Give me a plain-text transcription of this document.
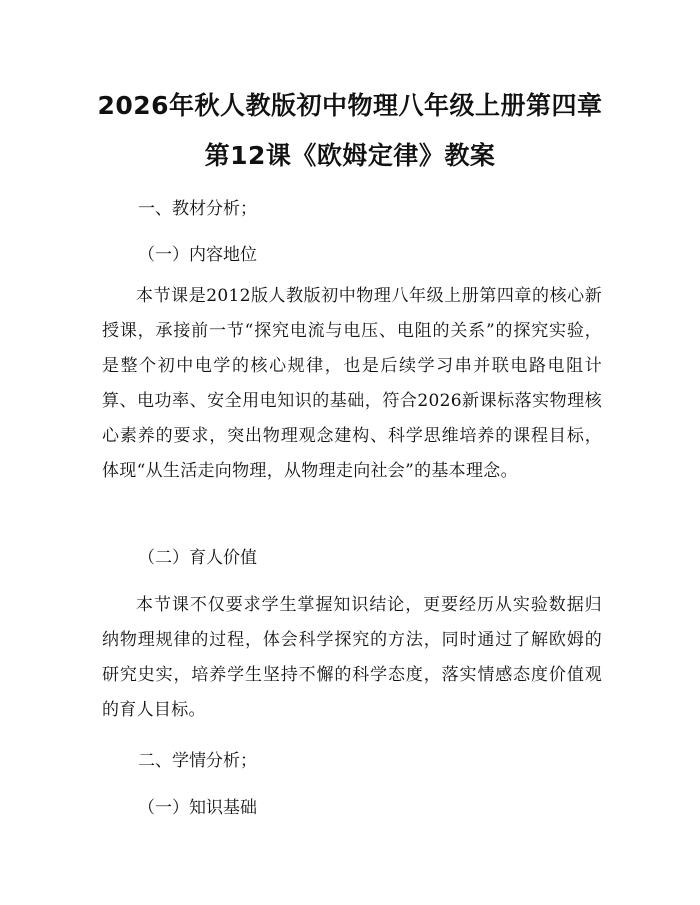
2026年秋人教版初中物理八年级上册第四章
第12课《欧姆定律》教案

一、教材分析；

（一）内容地位

本节课是2012版人教版初中物理八年级上册第四章的核心新授课，承接前一节“探究电流与电压、电阻的关系”的探究实验，是整个初中电学的核心规律，也是后续学习串并联电路电阻计算、电功率、安全用电知识的基础，符合2026新课标落实物理核心素养的要求，突出物理观念建构、科学思维培养的课程目标，体现“从生活走向物理，从物理走向社会”的基本理念。

（二）育人价值

本节课不仅要求学生掌握知识结论，更要经历从实验数据归纳物理规律的过程，体会科学探究的方法，同时通过了解欧姆的研究史实，培养学生坚持不懈的科学态度，落实情感态度价值观的育人目标。

二、学情分析；

（一）知识基础
